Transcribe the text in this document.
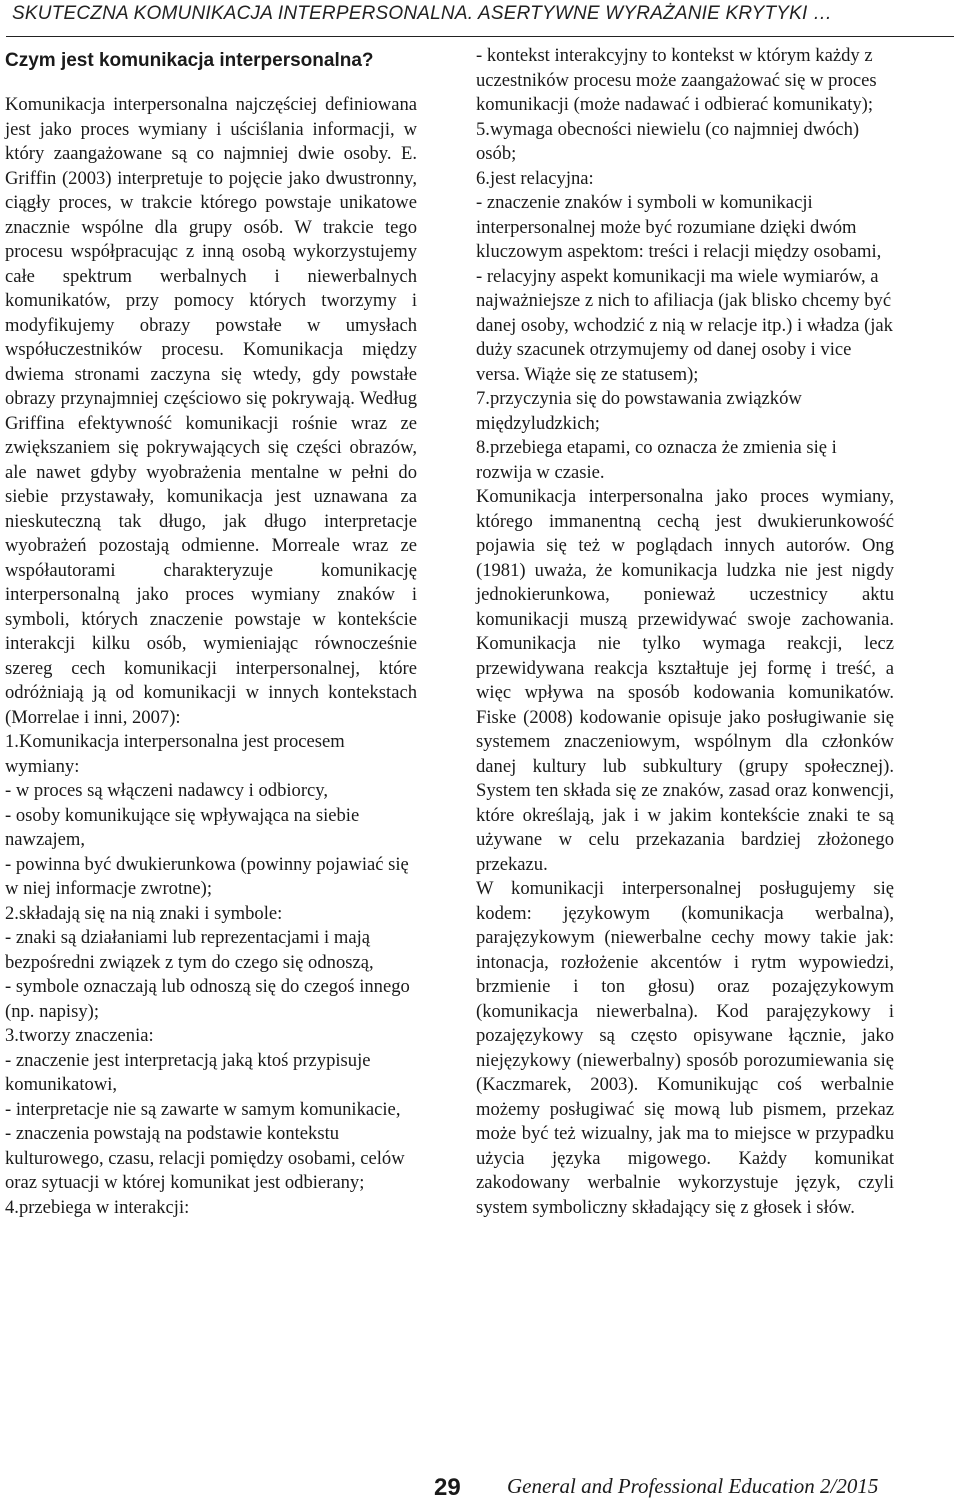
SKUTECZNA KOMUNIKACJA INTERPERSONALNA. ASERTYWNE WYRAŻANIE KRYTYKI …

Czym jest komunikacja interpersonalna?

Komunikacja interpersonalna najczęściej definiowana jest jako proces wymiany i uściślania informacji, w który zaangażowane są co najmniej dwie osoby. E. Griffin (2003) interpretuje to pojęcie jako dwustronny, ciągły proces, w trakcie którego powstaje unikatowe znacznie wspólne dla grupy osób. W trakcie tego procesu współpracując z inną osobą wykorzystujemy całe spektrum werbalnych i niewerbalnych komunikatów, przy pomocy których tworzymy i modyfikujemy obrazy powstałe w umysłach współuczestników procesu. Komunikacja między dwiema stronami zaczyna się wtedy, gdy powstałe obrazy przynajmniej częściowo się pokrywają. Według Griffina efektywność komunikacji rośnie wraz ze zwiększaniem się pokrywających się części obrazów, ale nawet gdyby wyobrażenia mentalne w pełni do siebie przystawały, komunikacja jest uznawana za nieskuteczną tak długo, jak długo interpretacje wyobrażeń pozostają odmienne. Morreale wraz ze współautorami charakteryzuje komunikację interpersonalną jako proces wymiany znaków i symboli, których znaczenie powstaje w kontekście interakcji kilku osób, wymieniając równocześnie szereg cech komunikacji interpersonalnej, które odróżniają ją od komunikacji w innych kontekstach (Morrelae i inni, 2007):

1.Komunikacja interpersonalna jest procesem wymiany:

- w proces są włączeni nadawcy i odbiorcy,

- osoby komunikujące się wpływająca na siebie nawzajem,

- powinna być dwukierunkowa (powinny pojawiać się w niej informacje zwrotne);

2.składają się na nią znaki i symbole:

- znaki są działaniami lub reprezentacjami i mają bezpośredni związek z tym do czego się odnoszą,

- symbole oznaczają lub odnoszą się do czegoś innego (np. napisy);

3.tworzy znaczenia:

- znaczenie jest interpretacją jaką ktoś przypisuje komunikatowi,

- interpretacje nie są zawarte w samym komunikacie,

- znaczenia powstają na podstawie kontekstu kulturowego, czasu, relacji pomiędzy osobami, celów oraz sytuacji w której komunikat jest odbierany;

4.przebiega w interakcji:

- kontekst interakcyjny to kontekst w którym każdy z uczestników procesu może zaangażować się w proces komunikacji (może nadawać i odbierać komunikaty);

5.wymaga obecności niewielu (co najmniej dwóch) osób;

6.jest relacyjna:

- znaczenie znaków i symboli w komunikacji interpersonalnej może być rozumiane dzięki dwóm kluczowym aspektom: treści i relacji między osobami,

- relacyjny aspekt komunikacji ma wiele wymiarów, a najważniejsze z nich to afiliacja (jak blisko chcemy być danej osoby, wchodzić z nią w relacje itp.) i władza (jak duży szacunek otrzymujemy od danej osoby i vice versa. Wiąże się ze statusem);

7.przyczynia się do powstawania związków międzyludzkich;

8.przebiega etapami, co oznacza że zmienia się i rozwija w czasie.

Komunikacja interpersonalna jako proces wymiany, którego immanentną cechą jest dwukierunkowość pojawia się też w poglądach innych autorów. Ong (1981) uważa, że komunikacja ludzka nie jest nigdy jednokierunkowa, ponieważ uczestnicy aktu komunikacji muszą przewidywać swoje zachowania. Komunikacja nie tylko wymaga reakcji, lecz przewidywana reakcja kształtuje jej formę i treść, a więc wpływa na sposób kodowania komunikatów. Fiske (2008) kodowanie opisuje jako posługiwanie się systemem znaczeniowym, wspólnym dla członków danej kultury lub subkultury (grupy społecznej). System ten składa się ze znaków, zasad oraz konwencji, które określają, jak i w jakim kontekście znaki te są używane w celu przekazania bardziej złożonego przekazu.

W komunikacji interpersonalnej posługujemy się kodem: językowym (komunikacja werbalna), parajęzykowym (niewerbalne cechy mowy takie jak: intonacja, rozłożenie akcentów i rytm wypowiedzi, brzmienie i ton głosu) oraz pozajęzykowym (komunikacja niewerbalna). Kod parajęzykowy i pozajęzykowy są często opisywane łącznie, jako niejęzykowy (niewerbalny) sposób porozumiewania się (Kaczmarek, 2003). Komunikując coś werbalnie możemy posługiwać się mową lub pismem, przekaz może być też wizualny, jak ma to miejsce w przypadku użycia języka migowego. Każdy komunikat zakodowany werbalnie wykorzystuje język, czyli system symboliczny składający się z głosek i słów.

29 General and Professional Education 2/2015
